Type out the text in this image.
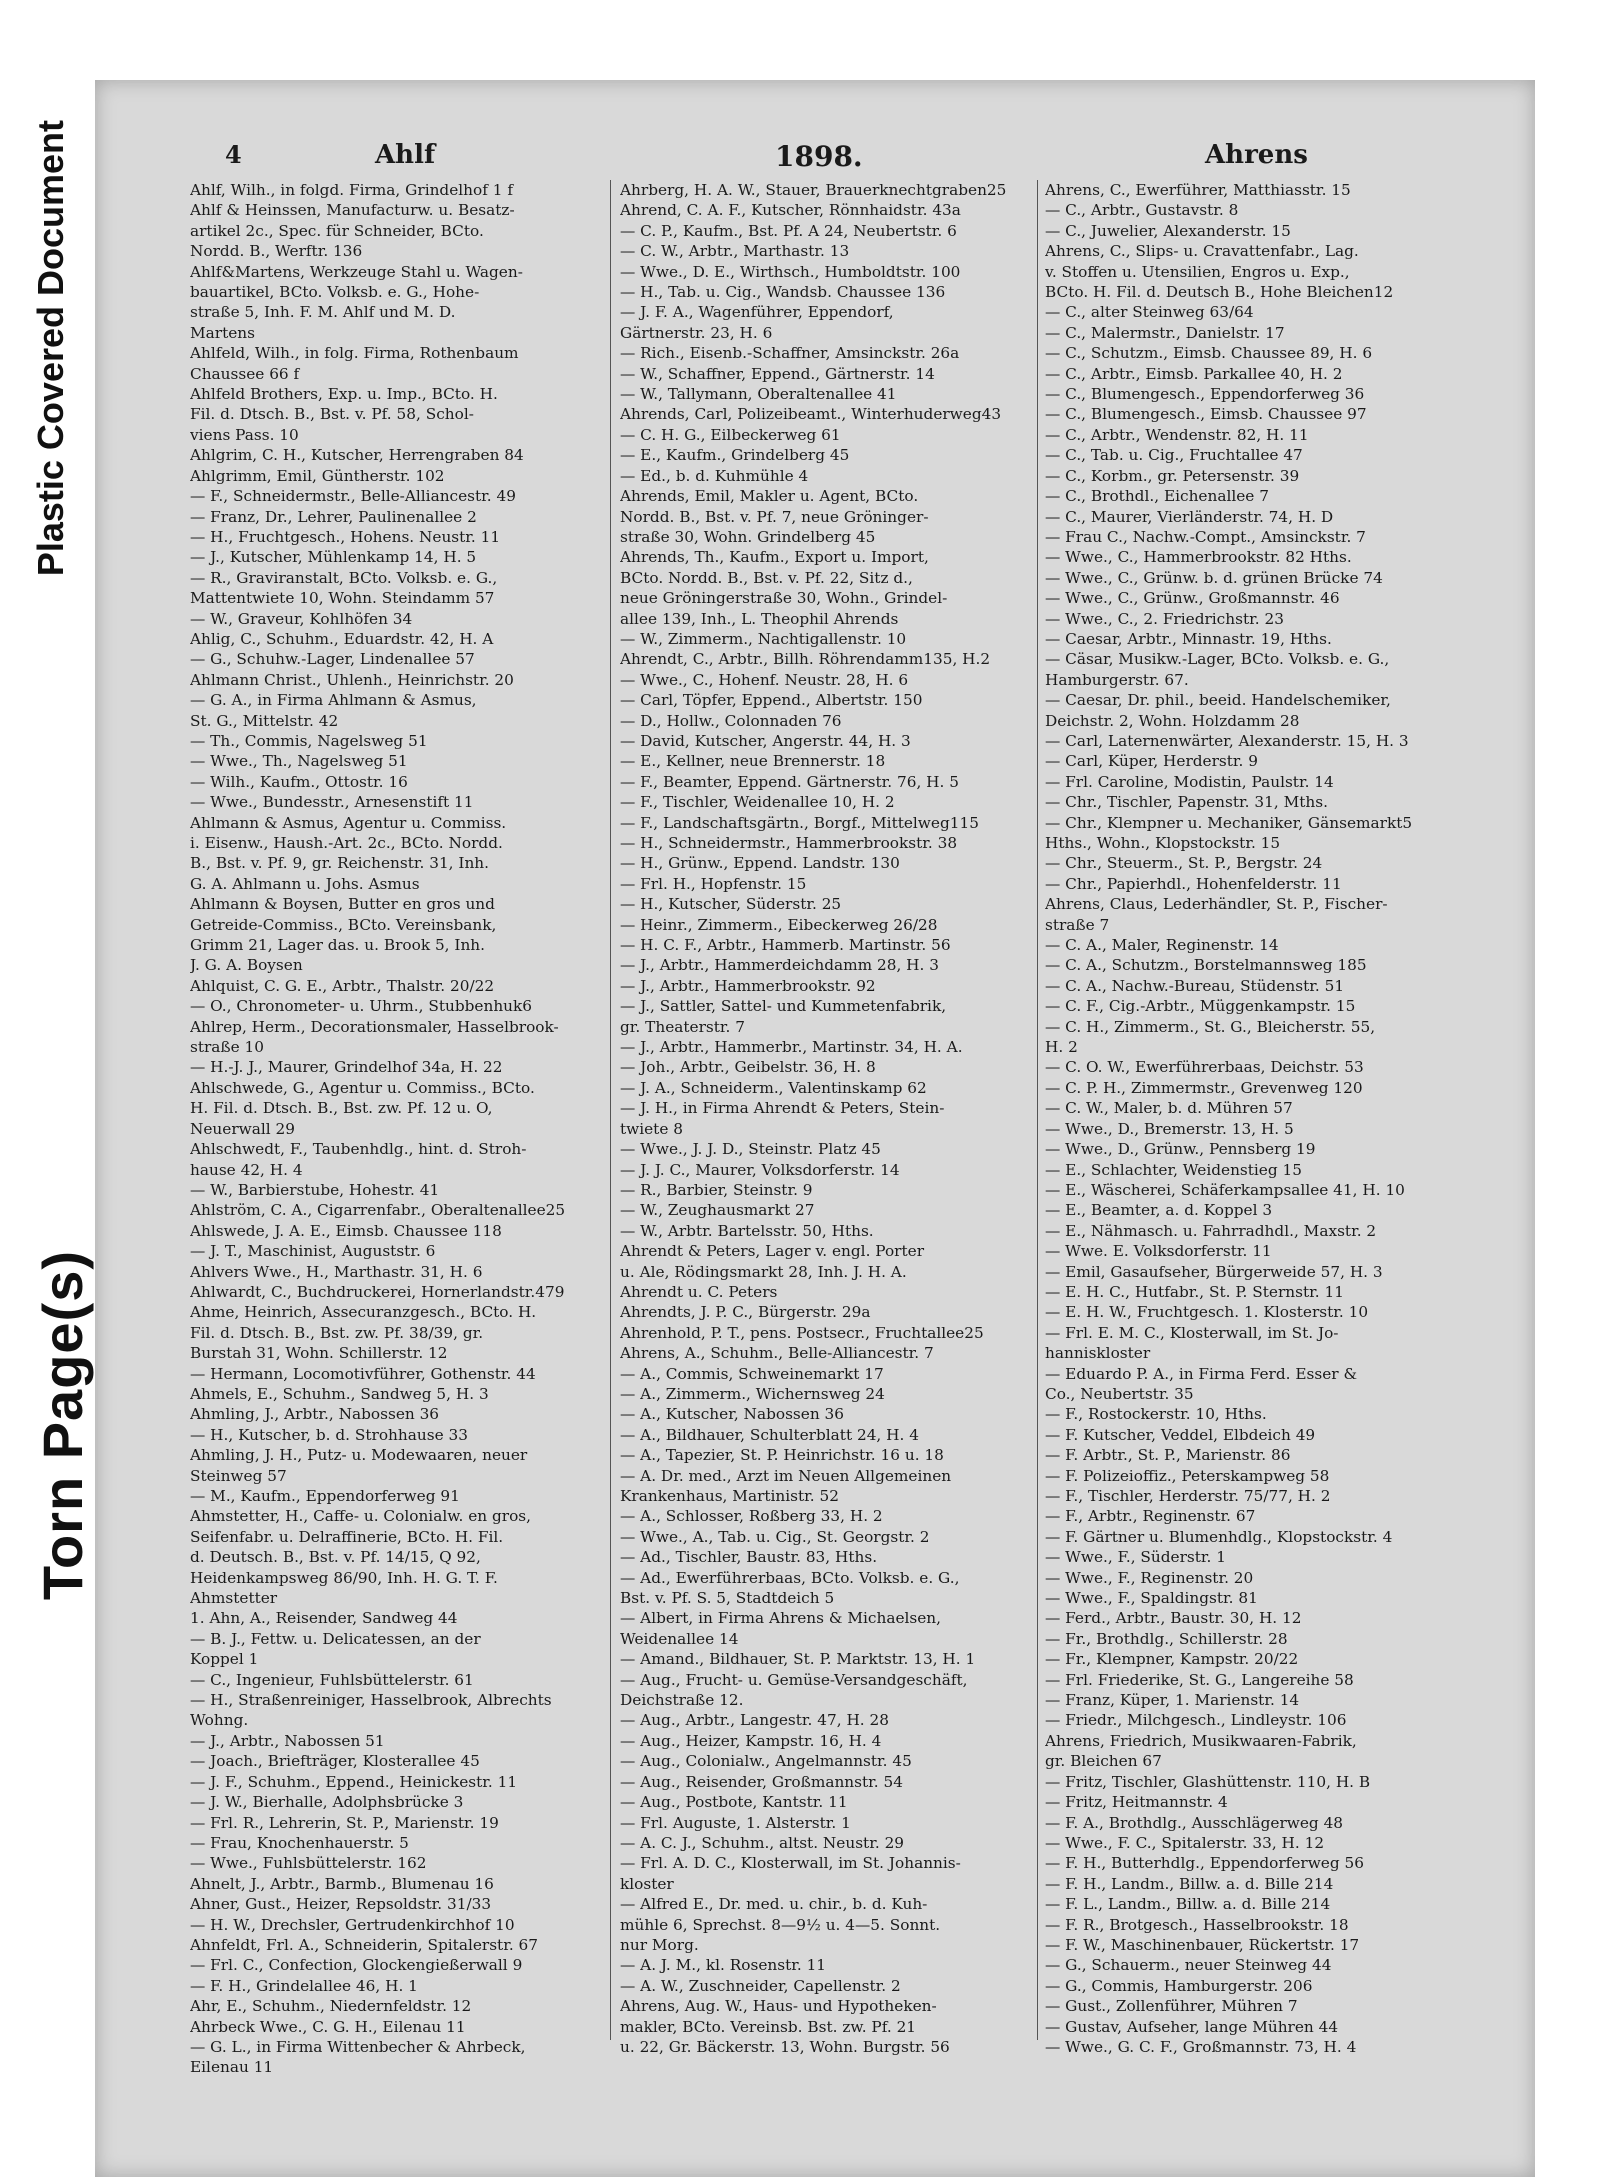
Plastic Covered Document
Torn Page(s)
4	Ahlf	1898.	Ahrens

Ahlf, Wilh., in folgd. Firma, Grindelhof 1 f

Ahlf & Heinssen, Manufacturw. u. Besatz-

artikel 2c., Spec. für Schneider, BCto.

Nordd. B., Werftr. 136

Ahlf&Martens, Werkzeuge Stahl u. Wagen-

bauartikel, BCto. Volksb. e. G., Hohe-

straße 5, Inh. F. M. Ahlf und M. D.

Martens

Ahlfeld, Wilh., in folg. Firma, Rothenbaum

Chaussee 66 f

Ahlfeld Brothers, Exp. u. Imp., BCto. H.

Fil. d. Dtsch. B., Bst. v. Pf. 58, Schol-

viens Pass. 10

Ahlgrim, C. H., Kutscher, Herrengraben 84

Ahlgrimm, Emil, Güntherstr. 102

— F., Schneidermstr., Belle-Alliancestr. 49

— Franz, Dr., Lehrer, Paulinenallee 2

— H., Fruchtgesch., Hohens. Neustr. 11

— J., Kutscher, Mühlenkamp 14, H. 5

— R., Graviranstalt, BCto. Volksb. e. G.,

Mattentwiete 10, Wohn. Steindamm 57

— W., Graveur, Kohlhöfen 34

Ahlig, C., Schuhm., Eduardstr. 42, H. A

— G., Schuhw.-Lager, Lindenallee 57

Ahlmann Christ., Uhlenh., Heinrichstr. 20

— G. A., in Firma Ahlmann & Asmus,

St. G., Mittelstr. 42

— Th., Commis, Nagelsweg 51

— Wwe., Th., Nagelsweg 51

— Wilh., Kaufm., Ottostr. 16

— Wwe., Bundesstr., Arnesenstift 11

Ahlmann & Asmus, Agentur u. Commiss.

i. Eisenw., Haush.-Art. 2c., BCto. Nordd.

B., Bst. v. Pf. 9, gr. Reichenstr. 31, Inh.

G. A. Ahlmann u. Johs. Asmus

Ahlmann & Boysen, Butter en gros und

Getreide-Commiss., BCto. Vereinsbank,

Grimm 21, Lager das. u. Brook 5, Inh.

J. G. A. Boysen

Ahlquist, C. G. E., Arbtr., Thalstr. 20/22

— O., Chronometer- u. Uhrm., Stubbenhuk6

Ahlrep, Herm., Decorationsmaler, Hasselbrook-

straße 10

— H.-J. J., Maurer, Grindelhof 34a, H. 22

Ahlschwede, G., Agentur u. Commiss., BCto.

H. Fil. d. Dtsch. B., Bst. zw. Pf. 12 u. O,

Neuerwall 29

Ahlschwedt, F., Taubenhdlg., hint. d. Stroh-

hause 42, H. 4

— W., Barbierstube, Hohestr. 41

Ahlström, C. A., Cigarrenfabr., Oberaltenallee25

Ahlswede, J. A. E., Eimsb. Chaussee 118

— J. T., Maschinist, Auguststr. 6

Ahlvers Wwe., H., Marthastr. 31, H. 6

Ahlwardt, C., Buchdruckerei, Hornerlandstr.479

Ahme, Heinrich, Assecuranzgesch., BCto. H.

Fil. d. Dtsch. B., Bst. zw. Pf. 38/39, gr.

Burstah 31, Wohn. Schillerstr. 12

— Hermann, Locomotivführer, Gothenstr. 44

Ahmels, E., Schuhm., Sandweg 5, H. 3

Ahmling, J., Arbtr., Nabossen 36

— H., Kutscher, b. d. Strohhause 33

Ahmling, J. H., Putz- u. Modewaaren, neuer

Steinweg 57

— M., Kaufm., Eppendorferweg 91

Ahmstetter, H., Caffe- u. Colonialw. en gros,

Seifenfabr. u. Delraffinerie, BCto. H. Fil.

d. Deutsch. B., Bst. v. Pf. 14/15, Q 92,

Heidenkampsweg 86/90, Inh. H. G. T. F.

Ahmstetter

1. Ahn, A., Reisender, Sandweg 44

— B. J., Fettw. u. Delicatessen, an der

Koppel 1

— C., Ingenieur, Fuhlsbüttelerstr. 61

— H., Straßenreiniger, Hasselbrook, Albrechts

Wohng.

— J., Arbtr., Nabossen 51

— Joach., Briefträger, Klosterallee 45

— J. F., Schuhm., Eppend., Heinickestr. 11

— J. W., Bierhalle, Adolphsbrücke 3

— Frl. R., Lehrerin, St. P., Marienstr. 19

— Frau, Knochenhauerstr. 5

— Wwe., Fuhlsbüttelerstr. 162

Ahnelt, J., Arbtr., Barmb., Blumenau 16

Ahner, Gust., Heizer, Repsoldstr. 31/33

— H. W., Drechsler, Gertrudenkirchhof 10

Ahnfeldt, Frl. A., Schneiderin, Spitalerstr. 67

— Frl. C., Confection, Glockengießerwall 9

— F. H., Grindelallee 46, H. 1

Ahr, E., Schuhm., Niedernfeldstr. 12

Ahrbeck Wwe., C. G. H., Eilenau 11

— G. L., in Firma Wittenbecher & Ahrbeck,

Eilenau 11

Ahrberg, H. A. W., Stauer, Brauerknechtgraben25

Ahrend, C. A. F., Kutscher, Rönnhaidstr. 43a

— C. P., Kaufm., Bst. Pf. A 24, Neubertstr. 6

— C. W., Arbtr., Marthastr. 13

— Wwe., D. E., Wirthsch., Humboldtstr. 100

— H., Tab. u. Cig., Wandsb. Chaussee 136

— J. F. A., Wagenführer, Eppendorf,

Gärtnerstr. 23, H. 6

— Rich., Eisenb.-Schaffner, Amsinckstr. 26a

— W., Schaffner, Eppend., Gärtnerstr. 14

— W., Tallymann, Oberaltenallee 41

Ahrends, Carl, Polizeibeamt., Winterhuderweg43

— C. H. G., Eilbeckerweg 61

— E., Kaufm., Grindelberg 45

— Ed., b. d. Kuhmühle 4

Ahrends, Emil, Makler u. Agent, BCto.

Nordd. B., Bst. v. Pf. 7, neue Gröninger-

straße 30, Wohn. Grindelberg 45

Ahrends, Th., Kaufm., Export u. Import,

BCto. Nordd. B., Bst. v. Pf. 22, Sitz d.,

neue Gröningerstraße 30, Wohn., Grindel-

allee 139, Inh., L. Theophil Ahrends

— W., Zimmerm., Nachtigallenstr. 10

Ahrendt, C., Arbtr., Billh. Röhrendamm135, H.2

— Wwe., C., Hohenf. Neustr. 28, H. 6

— Carl, Töpfer, Eppend., Albertstr. 150

— D., Hollw., Colonnaden 76

— David, Kutscher, Angerstr. 44, H. 3

— E., Kellner, neue Brennerstr. 18

— F., Beamter, Eppend. Gärtnerstr. 76, H. 5

— F., Tischler, Weidenallee 10, H. 2

— F., Landschaftsgärtn., Borgf., Mittelweg115

— H., Schneidermstr., Hammerbrookstr. 38

— H., Grünw., Eppend. Landstr. 130

— Frl. H., Hopfenstr. 15

— H., Kutscher, Süderstr. 25

— Heinr., Zimmerm., Eibeckerweg 26/28

— H. C. F., Arbtr., Hammerb. Martinstr. 56

— J., Arbtr., Hammerdeichdamm 28, H. 3

— J., Arbtr., Hammerbrookstr. 92

— J., Sattler, Sattel- und Kummetenfabrik,

gr. Theaterstr. 7

— J., Arbtr., Hammerbr., Martinstr. 34, H. A.

— Joh., Arbtr., Geibelstr. 36, H. 8

— J. A., Schneiderm., Valentinskamp 62

— J. H., in Firma Ahrendt & Peters, Stein-

twiete 8

— Wwe., J. J. D., Steinstr. Platz 45

— J. J. C., Maurer, Volksdorferstr. 14

— R., Barbier, Steinstr. 9

— W., Zeughausmarkt 27

— W., Arbtr. Bartelsstr. 50, Hths.

Ahrendt & Peters, Lager v. engl. Porter

u. Ale, Rödingsmarkt 28, Inh. J. H. A.

Ahrendt u. C. Peters

Ahrendts, J. P. C., Bürgerstr. 29a

Ahrenhold, P. T., pens. Postsecr., Fruchtallee25

Ahrens, A., Schuhm., Belle-Alliancestr. 7

— A., Commis, Schweinemarkt 17

— A., Zimmerm., Wichernsweg 24

— A., Kutscher, Nabossen 36

— A., Bildhauer, Schulterblatt 24, H. 4

— A., Tapezier, St. P. Heinrichstr. 16 u. 18

— A. Dr. med., Arzt im Neuen Allgemeinen

Krankenhaus, Martinistr. 52

— A., Schlosser, Roßberg 33, H. 2

— Wwe., A., Tab. u. Cig., St. Georgstr. 2

— Ad., Tischler, Baustr. 83, Hths.

— Ad., Ewerführerbaas, BCto. Volksb. e. G.,

Bst. v. Pf. S. 5, Stadtdeich 5

— Albert, in Firma Ahrens & Michaelsen,

Weidenallee 14

— Amand., Bildhauer, St. P. Marktstr. 13, H. 1

— Aug., Frucht- u. Gemüse-Versandgeschäft,

Deichstraße 12.

— Aug., Arbtr., Langestr. 47, H. 28

— Aug., Heizer, Kampstr. 16, H. 4

— Aug., Colonialw., Angelmannstr. 45

— Aug., Reisender, Großmannstr. 54

— Aug., Postbote, Kantstr. 11

— Frl. Auguste, 1. Alsterstr. 1

— A. C. J., Schuhm., altst. Neustr. 29

— Frl. A. D. C., Klosterwall, im St. Johannis-

kloster

— Alfred E., Dr. med. u. chir., b. d. Kuh-

mühle 6, Sprechst. 8—9½ u. 4—5. Sonnt.

nur Morg.

— A. J. M., kl. Rosenstr. 11

— A. W., Zuschneider, Capellenstr. 2

Ahrens, Aug. W., Haus- und Hypotheken-

makler, BCto. Vereinsb. Bst. zw. Pf. 21

u. 22, Gr. Bäckerstr. 13, Wohn. Burgstr. 56

Ahrens, C., Ewerführer, Matthiasstr. 15

— C., Arbtr., Gustavstr. 8

— C., Juwelier, Alexanderstr. 15

Ahrens, C., Slips- u. Cravattenfabr., Lag.

v. Stoffen u. Utensilien, Engros u. Exp.,

BCto. H. Fil. d. Deutsch B., Hohe Bleichen12

— C., alter Steinweg 63/64

— C., Malermstr., Danielstr. 17

— C., Schutzm., Eimsb. Chaussee 89, H. 6

— C., Arbtr., Eimsb. Parkallee 40, H. 2

— C., Blumengesch., Eppendorferweg 36

— C., Blumengesch., Eimsb. Chaussee 97

— C., Arbtr., Wendenstr. 82, H. 11

— C., Tab. u. Cig., Fruchtallee 47

— C., Korbm., gr. Petersenstr. 39

— C., Brothdl., Eichenallee 7

— C., Maurer, Vierländerstr. 74, H. D

— Frau C., Nachw.-Compt., Amsinckstr. 7

— Wwe., C., Hammerbrookstr. 82 Hths.

— Wwe., C., Grünw. b. d. grünen Brücke 74

— Wwe., C., Grünw., Großmannstr. 46

— Wwe., C., 2. Friedrichstr. 23

— Caesar, Arbtr., Minnastr. 19, Hths.

— Cäsar, Musikw.-Lager, BCto. Volksb. e. G.,

Hamburgerstr. 67.

— Caesar, Dr. phil., beeid. Handelschemiker,

Deichstr. 2, Wohn. Holzdamm 28

— Carl, Laternenwärter, Alexanderstr. 15, H. 3

— Carl, Küper, Herderstr. 9

— Frl. Caroline, Modistin, Paulstr. 14

— Chr., Tischler, Papenstr. 31, Mths.

— Chr., Klempner u. Mechaniker, Gänsemarkt5

Hths., Wohn., Klopstockstr. 15

— Chr., Steuerm., St. P., Bergstr. 24

— Chr., Papierhdl., Hohenfelderstr. 11

Ahrens, Claus, Lederhändler, St. P., Fischer-

straße 7

— C. A., Maler, Reginenstr. 14

— C. A., Schutzm., Borstelmannsweg 185

— C. A., Nachw.-Bureau, Stüdenstr. 51

— C. F., Cig.-Arbtr., Müggenkampstr. 15

— C. H., Zimmerm., St. G., Bleicherstr. 55,

H. 2

— C. O. W., Ewerführerbaas, Deichstr. 53

— C. P. H., Zimmermstr., Grevenweg 120

— C. W., Maler, b. d. Mühren 57

— Wwe., D., Bremerstr. 13, H. 5

— Wwe., D., Grünw., Pennsberg 19

— E., Schlachter, Weidenstieg 15

— E., Wäscherei, Schäferkampsallee 41, H. 10

— E., Beamter, a. d. Koppel 3

— E., Nähmasch. u. Fahrradhdl., Maxstr. 2

— Wwe. E. Volksdorferstr. 11

— Emil, Gasaufseher, Bürgerweide 57, H. 3

— E. H. C., Hutfabr., St. P. Sternstr. 11

— E. H. W., Fruchtgesch. 1. Klosterstr. 10

— Frl. E. M. C., Klosterwall, im St. Jo-

hanniskloster

— Eduardo P. A., in Firma Ferd. Esser &

Co., Neubertstr. 35

— F., Rostockerstr. 10, Hths.

— F. Kutscher, Veddel, Elbdeich 49

— F. Arbtr., St. P., Marienstr. 86

— F. Polizeioffiz., Peterskampweg 58

— F., Tischler, Herderstr. 75/77, H. 2

— F., Arbtr., Reginenstr. 67

— F. Gärtner u. Blumenhdlg., Klopstockstr. 4

— Wwe., F., Süderstr. 1

— Wwe., F., Reginenstr. 20

— Wwe., F., Spaldingstr. 81

— Ferd., Arbtr., Baustr. 30, H. 12

— Fr., Brothdlg., Schillerstr. 28

— Fr., Klempner, Kampstr. 20/22

— Frl. Friederike, St. G., Langereihe 58

— Franz, Küper, 1. Marienstr. 14

— Friedr., Milchgesch., Lindleystr. 106

Ahrens, Friedrich, Musikwaaren-Fabrik,

gr. Bleichen 67

— Fritz, Tischler, Glashüttenstr. 110, H. B

— Fritz, Heitmannstr. 4

— F. A., Brothdlg., Ausschlägerweg 48

— Wwe., F. C., Spitalerstr. 33, H. 12

— F. H., Butterhdlg., Eppendorferweg 56

— F. H., Landm., Billw. a. d. Bille 214

— F. L., Landm., Billw. a. d. Bille 214

— F. R., Brotgesch., Hasselbrookstr. 18

— F. W., Maschinenbauer, Rückertstr. 17

— G., Schauerm., neuer Steinweg 44

— G., Commis, Hamburgerstr. 206

— Gust., Zollenführer, Mühren 7

— Gustav, Aufseher, lange Mühren 44

— Wwe., G. C. F., Großmannstr. 73, H. 4
